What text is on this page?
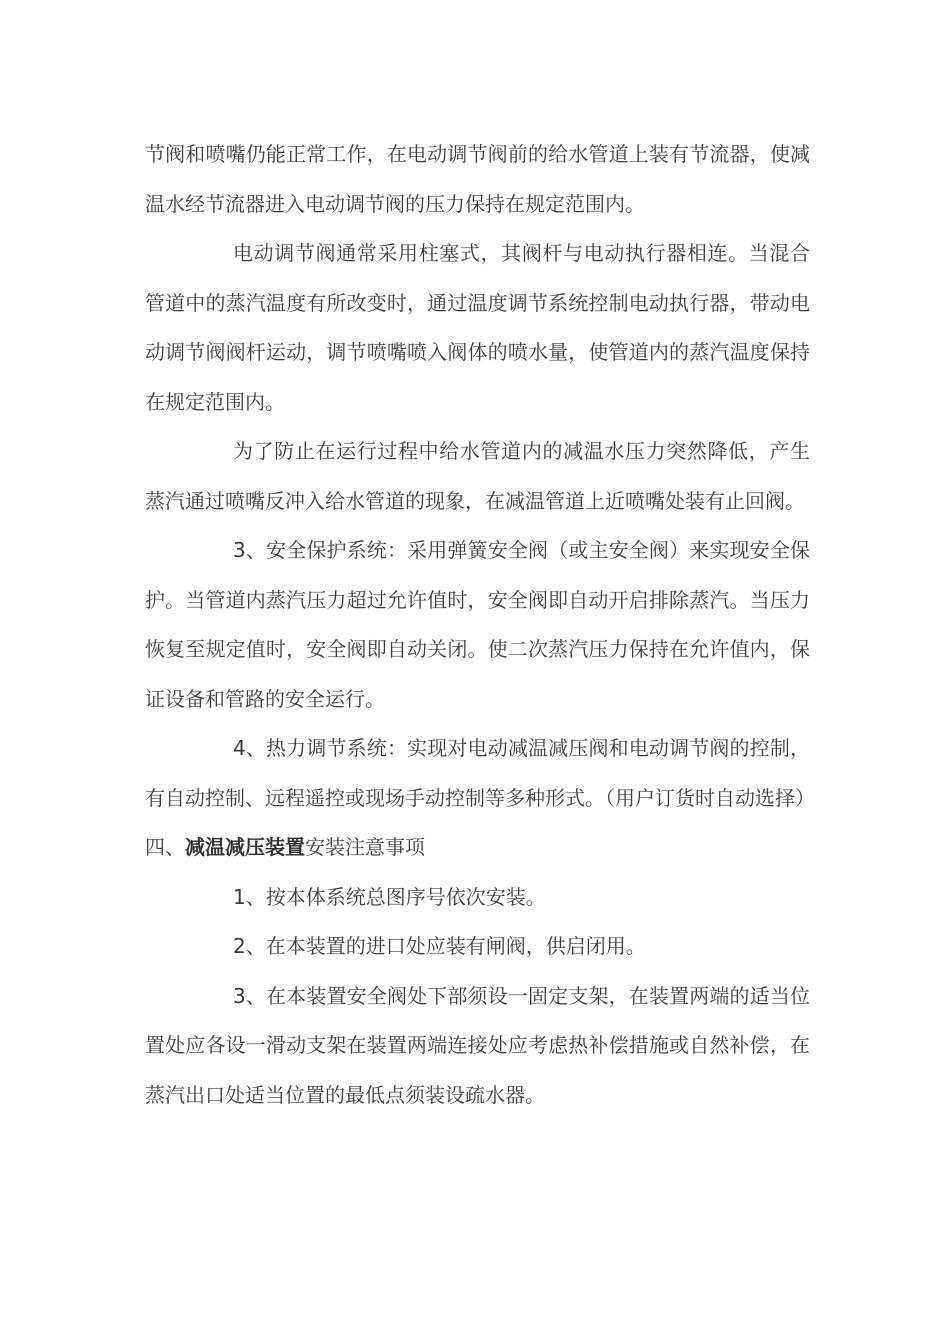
节阀和喷嘴仍能正常工作，在电动调节阀前的给水管道上装有节流器，使减温水经节流器进入电动调节阀的压力保持在规定范围内。

电动调节阀通常采用柱塞式，其阀杆与电动执行器相连。当混合管道中的蒸汽温度有所改变时，通过温度调节系统控制电动执行器，带动电动调节阀阀杆运动，调节喷嘴喷入阀体的喷水量，使管道内的蒸汽温度保持在规定范围内。

为了防止在运行过程中给水管道内的减温水压力突然降低，产生蒸汽通过喷嘴反冲入给水管道的现象，在减温管道上近喷嘴处装有止回阀。

3、安全保护系统：采用弹簧安全阀（或主安全阀）来实现安全保护。当管道内蒸汽压力超过允许值时，安全阀即自动开启排除蒸汽。当压力恢复至规定值时，安全阀即自动关闭。使二次蒸汽压力保持在允许值内，保证设备和管路的安全运行。

4、热力调节系统：实现对电动减温减压阀和电动调节阀的控制，有自动控制、远程遥控或现场手动控制等多种形式。（用户订货时自动选择）

四、减温减压装置安装注意事项

1、按本体系统总图序号依次安装。

2、在本装置的进口处应装有闸阀，供启闭用。

3、在本装置安全阀处下部须设一固定支架，在装置两端的适当位置处应各设一滑动支架在装置两端连接处应考虑热补偿措施或自然补偿，在蒸汽出口处适当位置的最低点须装设疏水器。
